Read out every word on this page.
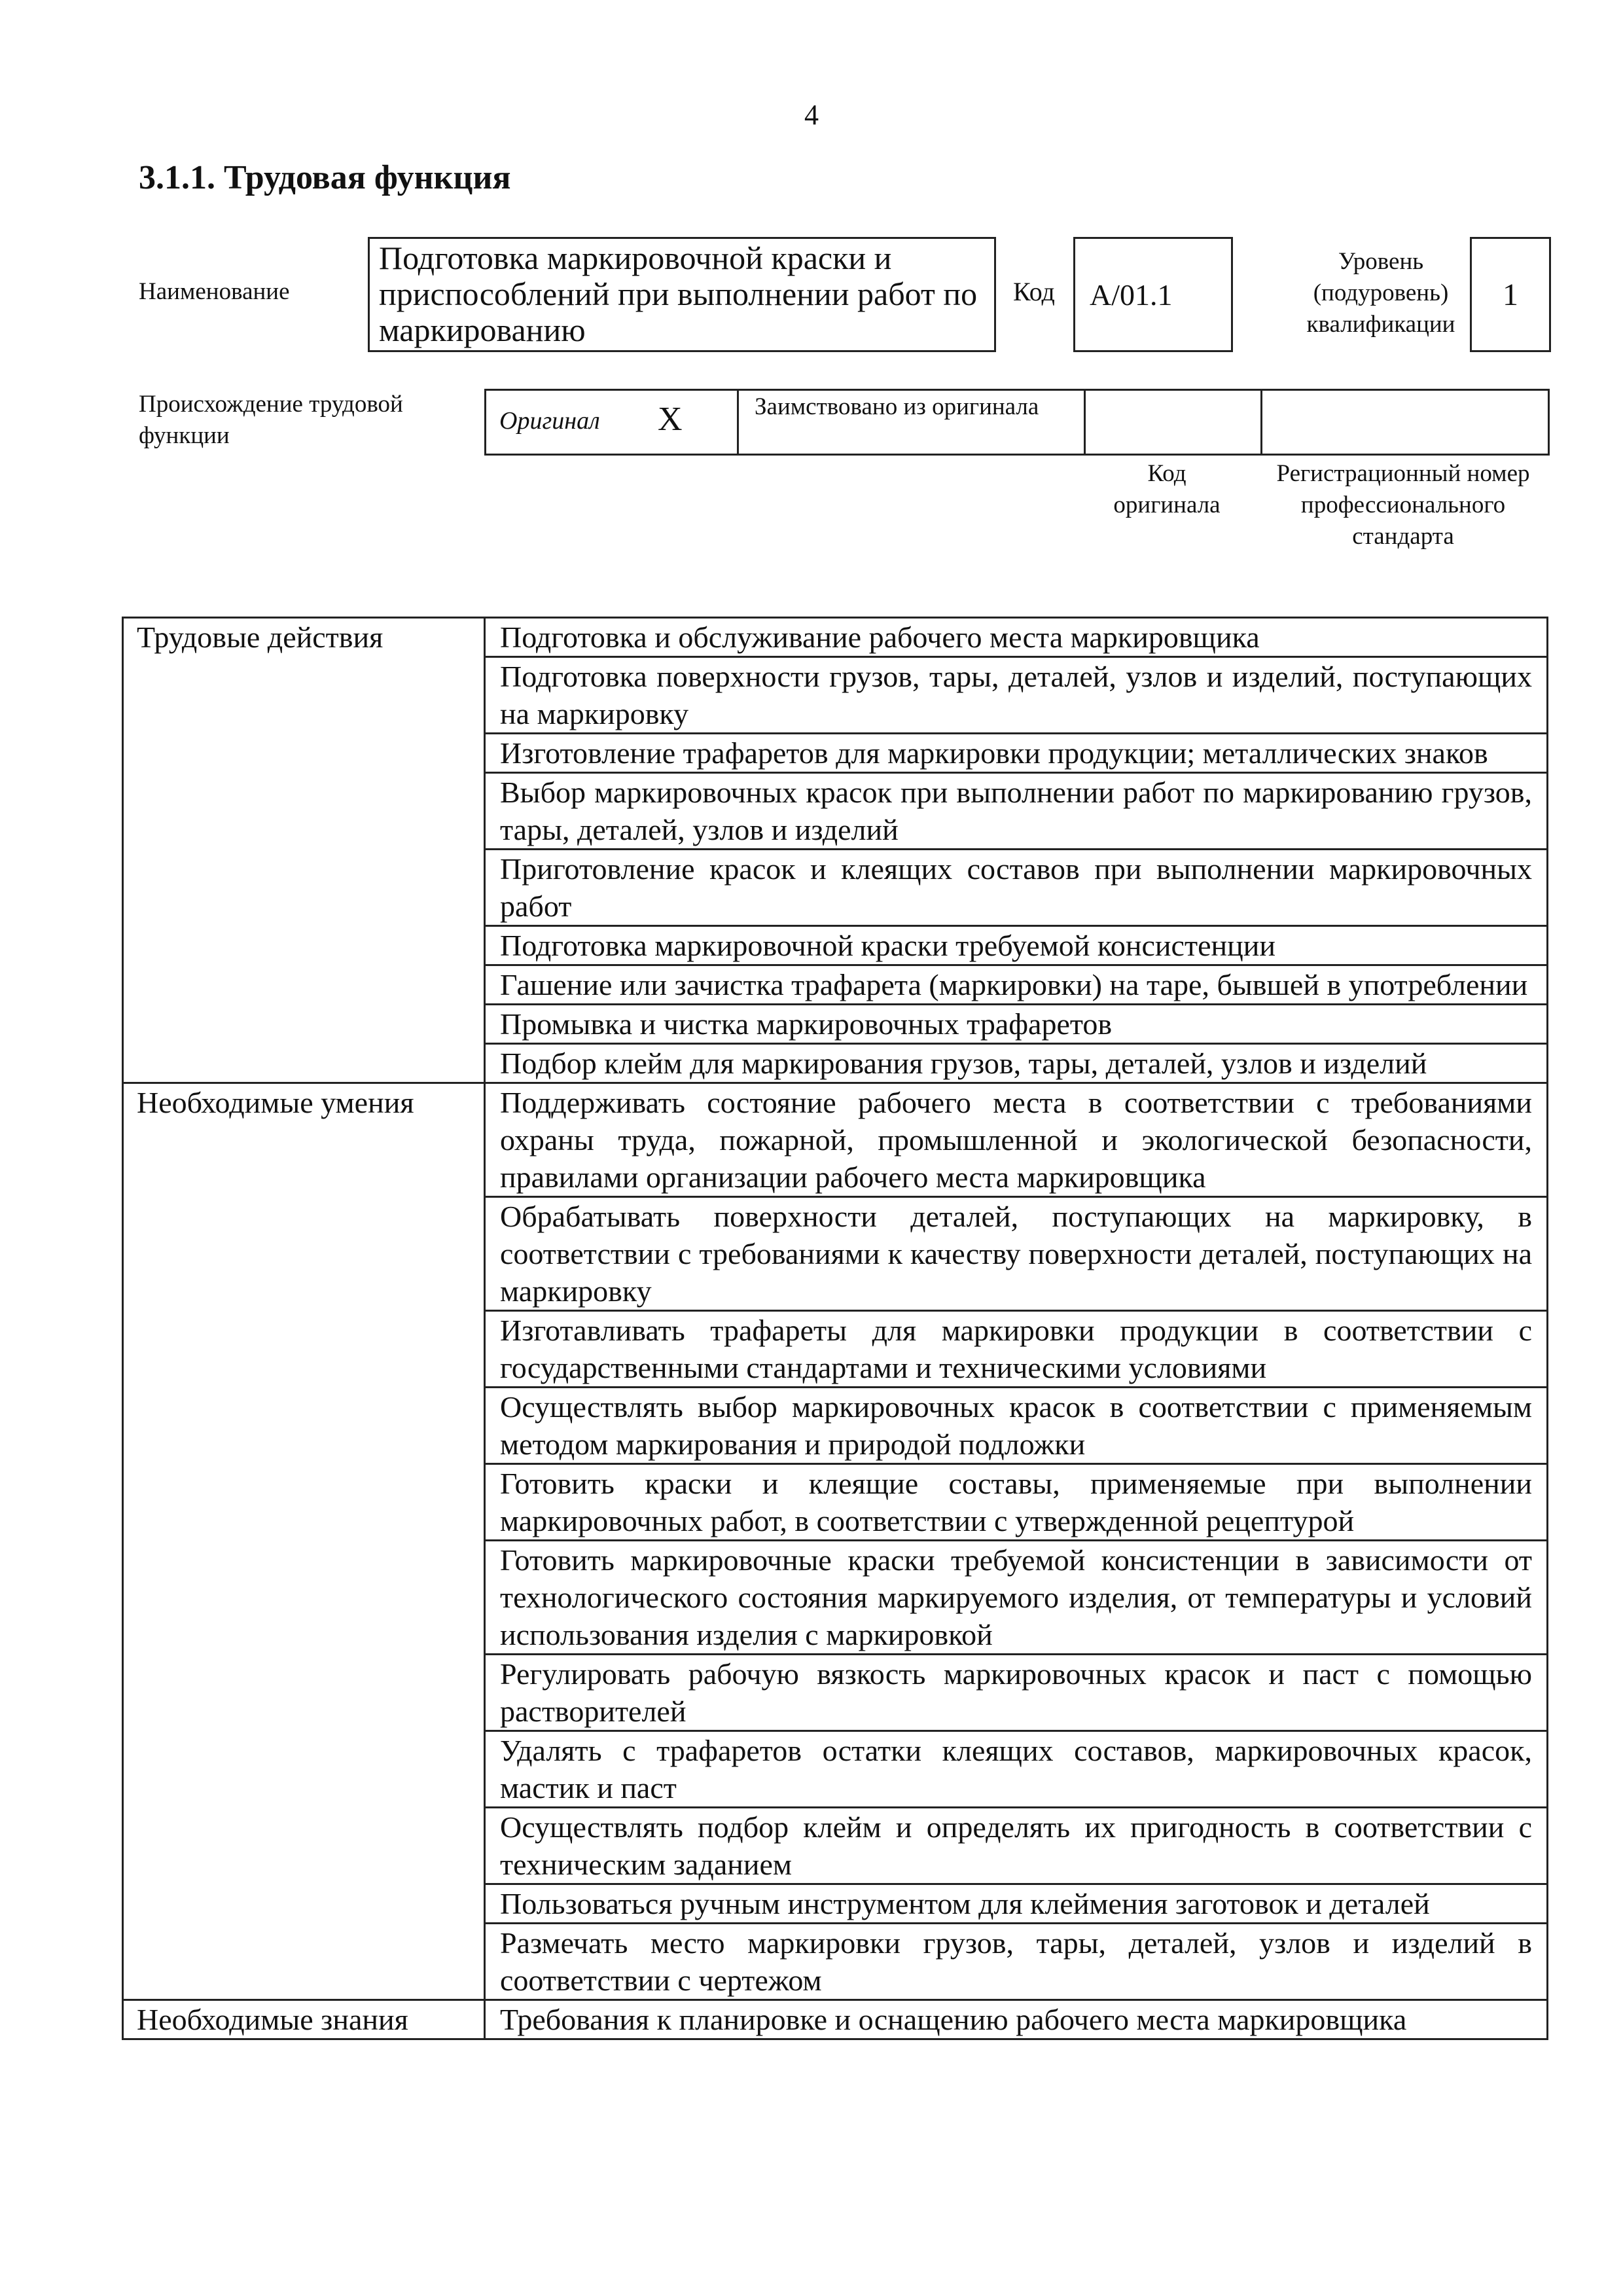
4
3.1.1. Трудовая функция
Наименование
Подготовка маркировочной краски и приспособлений при выполнении работ по маркированию
Код	A/01.1
Уровень (подуровень) квалификации
1
Происхождение трудовой функции
Оригинал X	Заимствовано из оригинала
Код оригинала
Регистрационный номер профессионального стандарта
Трудовые действия	Подготовка и обслуживание рабочего места маркировщика
	Подготовка поверхности грузов, тары, деталей, узлов и изделий, поступающих на маркировку
	Изготовление трафаретов для маркировки продукции; металлических знаков
	Выбор маркировочных красок при выполнении работ по маркированию грузов, тары, деталей, узлов и изделий
	Приготовление красок и клеящих составов при выполнении маркировочных работ
	Подготовка маркировочной краски требуемой консистенции
	Гашение или зачистка трафарета (маркировки) на таре, бывшей в употреблении
	Промывка и чистка маркировочных трафаретов
	Подбор клейм для маркирования грузов, тары, деталей, узлов и изделий
Необходимые умения	Поддерживать состояние рабочего места в соответствии с требованиями охраны труда, пожарной, промышленной и экологической безопасности, правилами организации рабочего места маркировщика
	Обрабатывать поверхности деталей, поступающих на маркировку, в соответствии с требованиями к качеству поверхности деталей, поступающих на маркировку
	Изготавливать трафареты для маркировки продукции в соответствии с государственными стандартами и техническими условиями
	Осуществлять выбор маркировочных красок в соответствии с применяемым методом маркирования и природой подложки
	Готовить краски и клеящие составы, применяемые при выполнении маркировочных работ, в соответствии с утвержденной рецептурой
	Готовить маркировочные краски требуемой консистенции в зависимости от технологического состояния маркируемого изделия, от температуры и условий использования изделия с маркировкой
	Регулировать рабочую вязкость маркировочных красок и паст с помощью растворителей
	Удалять с трафаретов остатки клеящих составов, маркировочных красок, мастик и паст
	Осуществлять подбор клейм и определять их пригодность в соответствии с техническим заданием
	Пользоваться ручным инструментом для клеймения заготовок и деталей
	Размечать место маркировки грузов, тары, деталей, узлов и изделий в соответствии с чертежом
Необходимые знания	Требования к планировке и оснащению рабочего места маркировщика
